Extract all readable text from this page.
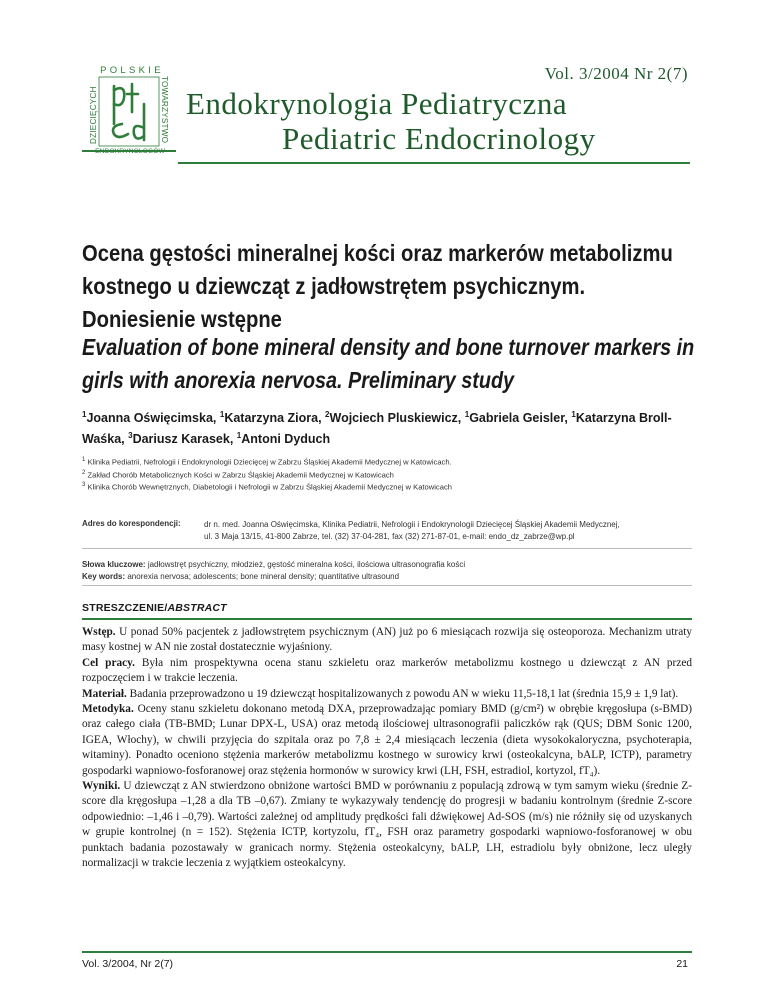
POLSKIE
DZIECIĘCYCH	TOWARZYSTWO
Vol. 3/2004 Nr 2(7)
Endokrynologia Pediatryczna
Pediatric Endocrinology
Ocena gęstości mineralnej kości oraz markerów metabolizmu kostnego u dziewcząt z jadłowstrętem psychicznym. Doniesienie wstępne
Evaluation of bone mineral density and bone turnover markers in girls with anorexia nervosa. Preliminary study
$^1$Joanna Oświęcimska, $^1$Katarzyna Ziora, $^2$Wojciech Pluskiewicz, $^1$Gabriela Geisler, $^1$Katarzyna Broll-Waśka, $^3$Dariusz Karasek, $^1$Antoni Dyduch
$^1$ Klinika Pediatrii, Nefrologii i Endokrynologii Dziecięcej w Zabrzu Śląskiej Akademii Medycznej w Katowicach.
$^2$ Zakład Chorób Metabolicznych Kości w Zabrzu Śląskiej Akademii Medycznej w Katowicach
$^3$ Klinika Chorób Wewnętrznych, Diabetologii i Nefrologii w Zabrzu Śląskiej Akademii Medycznej w Katowicach
Adres do korespondencji:	dr n. med. Joanna Oświęcimska, Klinika Pediatrii, Nefrologii i Endokrynologii Dziecięcej Śląskiej Akademii Medycznej,
ul. 3 Maja 13/15, 41-800 Zabrze, tel. (32) 37-04-281, fax (32) 271-87-01, e-mail: endo_dz_zabrze@wp.pl
Słowa kluczowe: jadłowstręt psychiczny, młodzież, gęstość mineralna kości, ilościowa ultrasonografia kości
Key words: anorexia nervosa; adolescents; bone mineral density; quantitative ultrasound
STRESZCZENIE/ABSTRACT

Wstęp. U ponad 50% pacjentek z jadłowstrętem psychicznym (AN) już po 6 miesiącach rozwija się osteoporoza. Mechanizm utraty masy kostnej w AN nie został dostatecznie wyjaśniony.

Cel pracy. Była nim prospektywna ocena stanu szkieletu oraz markerów metabolizmu kostnego u dziewcząt z AN przed rozpoczęciem i w trakcie leczenia.

Materiał. Badania przeprowadzono u 19 dziewcząt hospitalizowanych z powodu AN w wieku 11,5-18,1 lat (średnia 15,9 ± 1,9 lat).

Metodyka. Oceny stanu szkieletu dokonano metodą DXA, przeprowadzając pomiary BMD (g/cm²) w obrębie kręgosłupa (s-BMD) oraz całego ciała (TB-BMD; Lunar DPX-L, USA) oraz metodą ilościowej ultrasonografii paliczków rąk (QUS; DBM Sonic 1200, IGEA, Włochy), w chwili przyjęcia do szpitala oraz po 7,8 ± 2,4 miesiącach leczenia (dieta wysokokaloryczna, psychoterapia, witaminy). Ponadto oceniono stężenia markerów metabolizmu kostnego w surowicy krwi (osteokalcyna, bALP, ICTP), parametry gospodarki wapniowo-fosforanowej oraz stężenia hormonów w surowicy krwi (LH, FSH, estradiol, kortyzol, fT₄).

Wyniki. U dziewcząt z AN stwierdzono obniżone wartości BMD w porównaniu z populacją zdrową w tym samym wieku (średnie Z-score dla kręgosłupa –1,28 a dla TB –0,67). Zmiany te wykazywały tendencję do progresji w badaniu kontrolnym (średnie Z-score odpowiednio: –1,46 i –0,79). Wartości zależnej od amplitudy prędkości fali dźwiękowej Ad-SOS (m/s) nie różniły się od uzyskanych w grupie kontrolnej (n = 152). Stężenia ICTP, kortyzolu, fT₄, FSH oraz parametry gospodarki wapniowo-fosforanowej w obu punktach badania pozostawały w granicach normy. Stężenia osteokalcyny, bALP, LH, estradiolu były obniżone, lecz uległy normalizacji w trakcie leczenia z wyjątkiem osteokalcyny.

Vol. 3/2004, Nr 2(7)	21
